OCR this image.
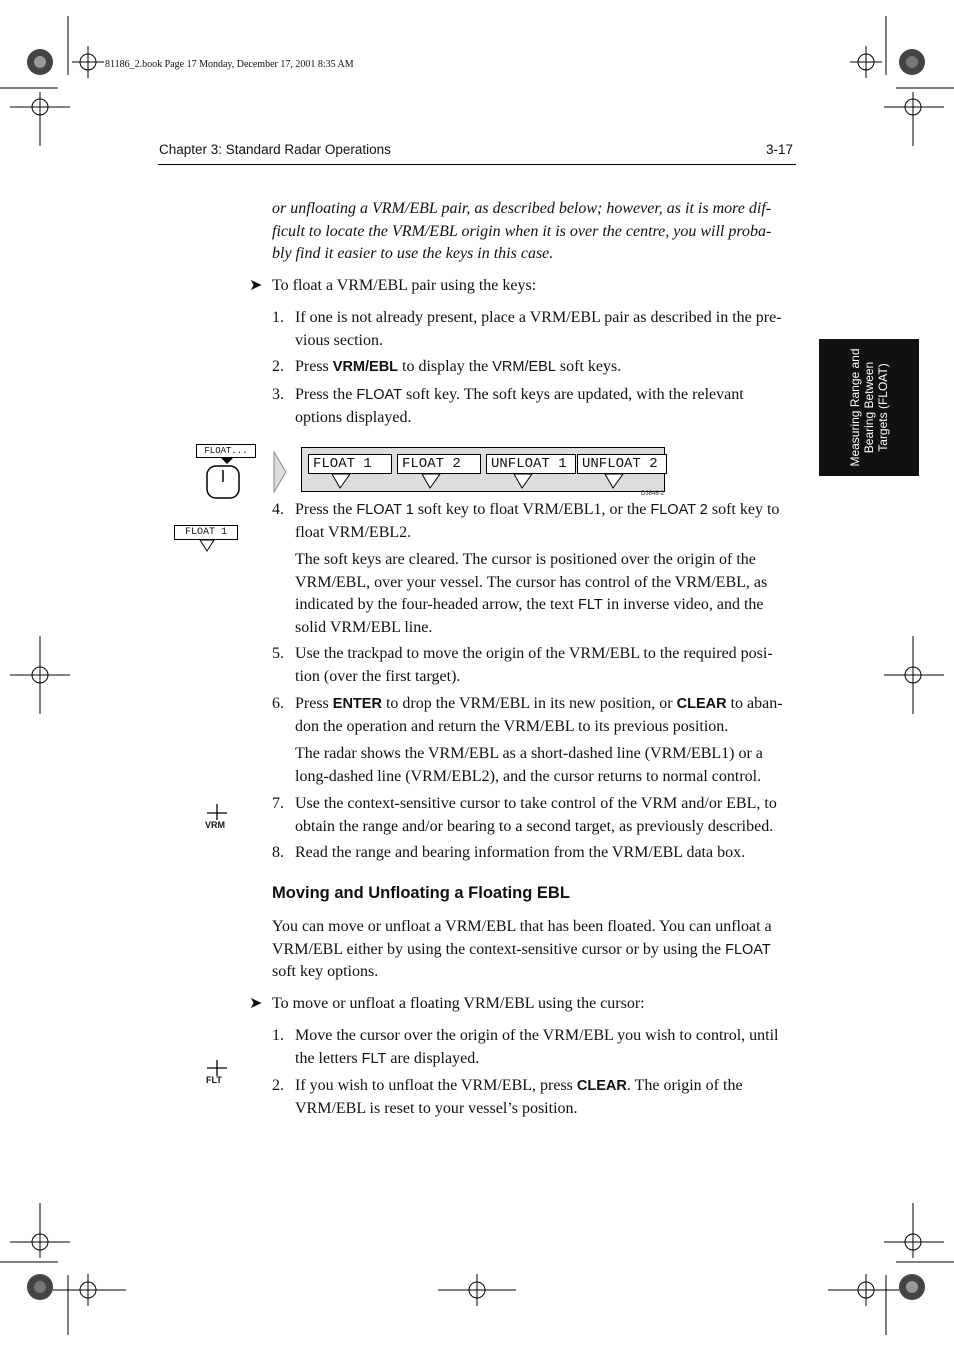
81186_2.book Page 17 Monday, December 17, 2001 8:35 AM
Chapter 3: Standard Radar Operations	3-17
Measuring Range and Bearing Between Targets (FLOAT)
or unfloating a VRM/EBL pair, as described below; however, as it is more dif-
ficult to locate the VRM/EBL origin when it is over the centre, you will proba-
bly find it easier to use the keys in this case.
➤ To float a VRM/EBL pair using the keys:
1. If one is not already present, place a VRM/EBL pair as described in the pre-
vious section.
2. Press VRM/EBL to display the VRM/EBL soft keys.
3. Press the FLOAT soft key. The soft keys are updated, with the relevant
options displayed.
FLOAT...
FLOAT 1	FLOAT 2	UNFLOAT 1	UNFLOAT 2
D3646-2
FLOAT 1
4. Press the FLOAT 1 soft key to float VRM/EBL1, or the FLOAT 2 soft key to
float VRM/EBL2.
The soft keys are cleared. The cursor is positioned over the origin of the
VRM/EBL, over your vessel. The cursor has control of the VRM/EBL, as
indicated by the four-headed arrow, the text FLT in inverse video, and the
solid VRM/EBL line.
5. Use the trackpad to move the origin of the VRM/EBL to the required posi-
tion (over the first target).
6. Press ENTER to drop the VRM/EBL in its new position, or CLEAR to aban-
don the operation and return the VRM/EBL to its previous position.
The radar shows the VRM/EBL as a short-dashed line (VRM/EBL1) or a
long-dashed line (VRM/EBL2), and the cursor returns to normal control.
VRM
7. Use the context-sensitive cursor to take control of the VRM and/or EBL, to
obtain the range and/or bearing to a second target, as previously described.
8. Read the range and bearing information from the VRM/EBL data box.
Moving and Unfloating a Floating EBL
You can move or unfloat a VRM/EBL that has been floated. You can unfloat a
VRM/EBL either by using the context-sensitive cursor or by using the FLOAT
soft key options.
➤ To move or unfloat a floating VRM/EBL using the cursor:
1. Move the cursor over the origin of the VRM/EBL you wish to control, until
the letters FLT are displayed.
FLT	2. If you wish to unfloat the VRM/EBL, press CLEAR. The origin of the
VRM/EBL is reset to your vessel’s position.
